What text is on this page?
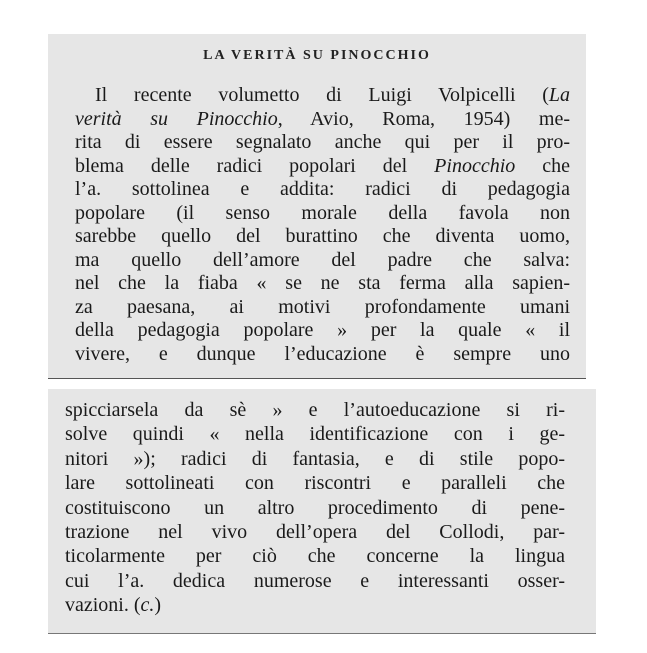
LA VERITÀ SU PINOCCHIO
Il recente volumetto di Luigi Volpicelli (La
verità su Pinocchio, Avio, Roma, 1954) me-
rita di essere segnalato anche qui per il pro-
blema delle radici popolari del Pinocchio che
l’a. sottolinea e addita: radici di pedagogia
popolare (il senso morale della favola non
sarebbe quello del burattino che diventa uomo,
ma quello dell’amore del padre che salva:
nel che la fiaba « se ne sta ferma alla sapien-
za paesana, ai motivi profondamente umani
della pedagogia popolare » per la quale « il
vivere, e dunque l’educazione è sempre uno
spicciarsela da sè » e l’autoeducazione si ri-
solve quindi « nella identificazione con i ge-
nitori »); radici di fantasia, e di stile popo-
lare sottolineati con riscontri e paralleli che
costituiscono un altro procedimento di pene-
trazione nel vivo dell’opera del Collodi, par-
ticolarmente per ciò che concerne la lingua
cui l’a. dedica numerose e interessanti osser-
vazioni. (c.)
